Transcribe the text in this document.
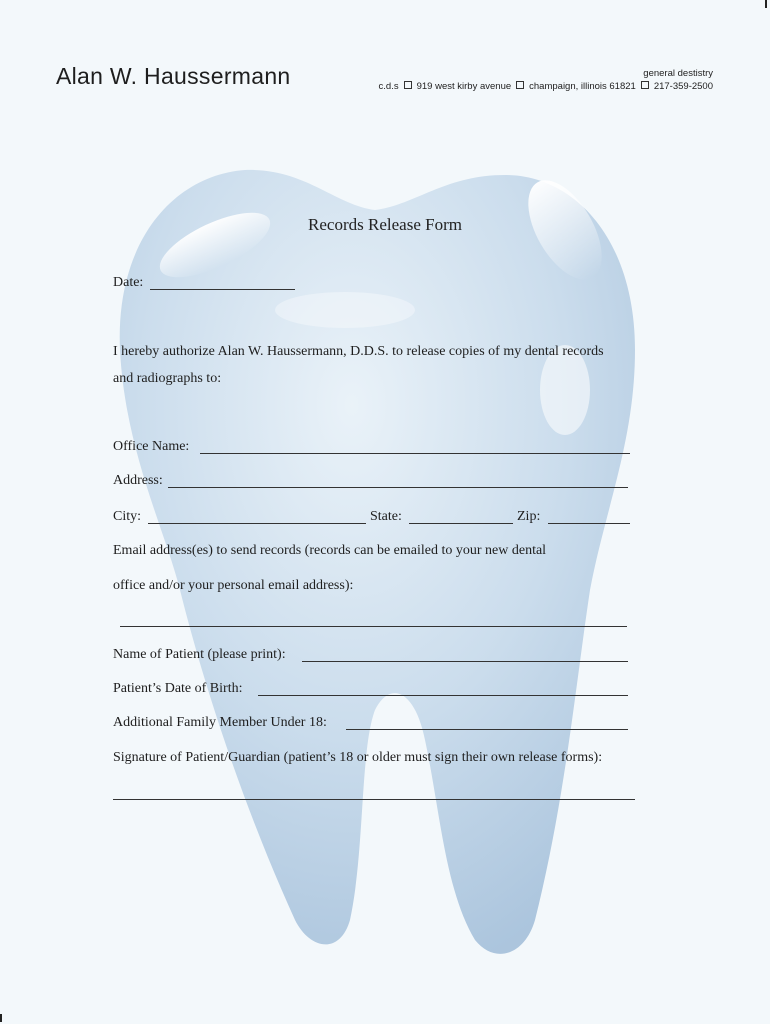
Alan W. Haussermann	general destistry
c.d.s 919 west kirby avenue champaign, illinois 61821 217-359-2500
Records Release Form
Date:
I hereby authorize Alan W. Haussermann, D.D.S. to release copies of my dental records
and radiographs to:
Office Name:
Address:
City:	State:	Zip:
Email address(es) to send records (records can be emailed to your new dental
office and/or your personal email address):
Name of Patient (please print):
Patient’s Date of Birth:
Additional Family Member Under 18:
Signature of Patient/Guardian (patient’s 18 or older must sign their own release forms):
